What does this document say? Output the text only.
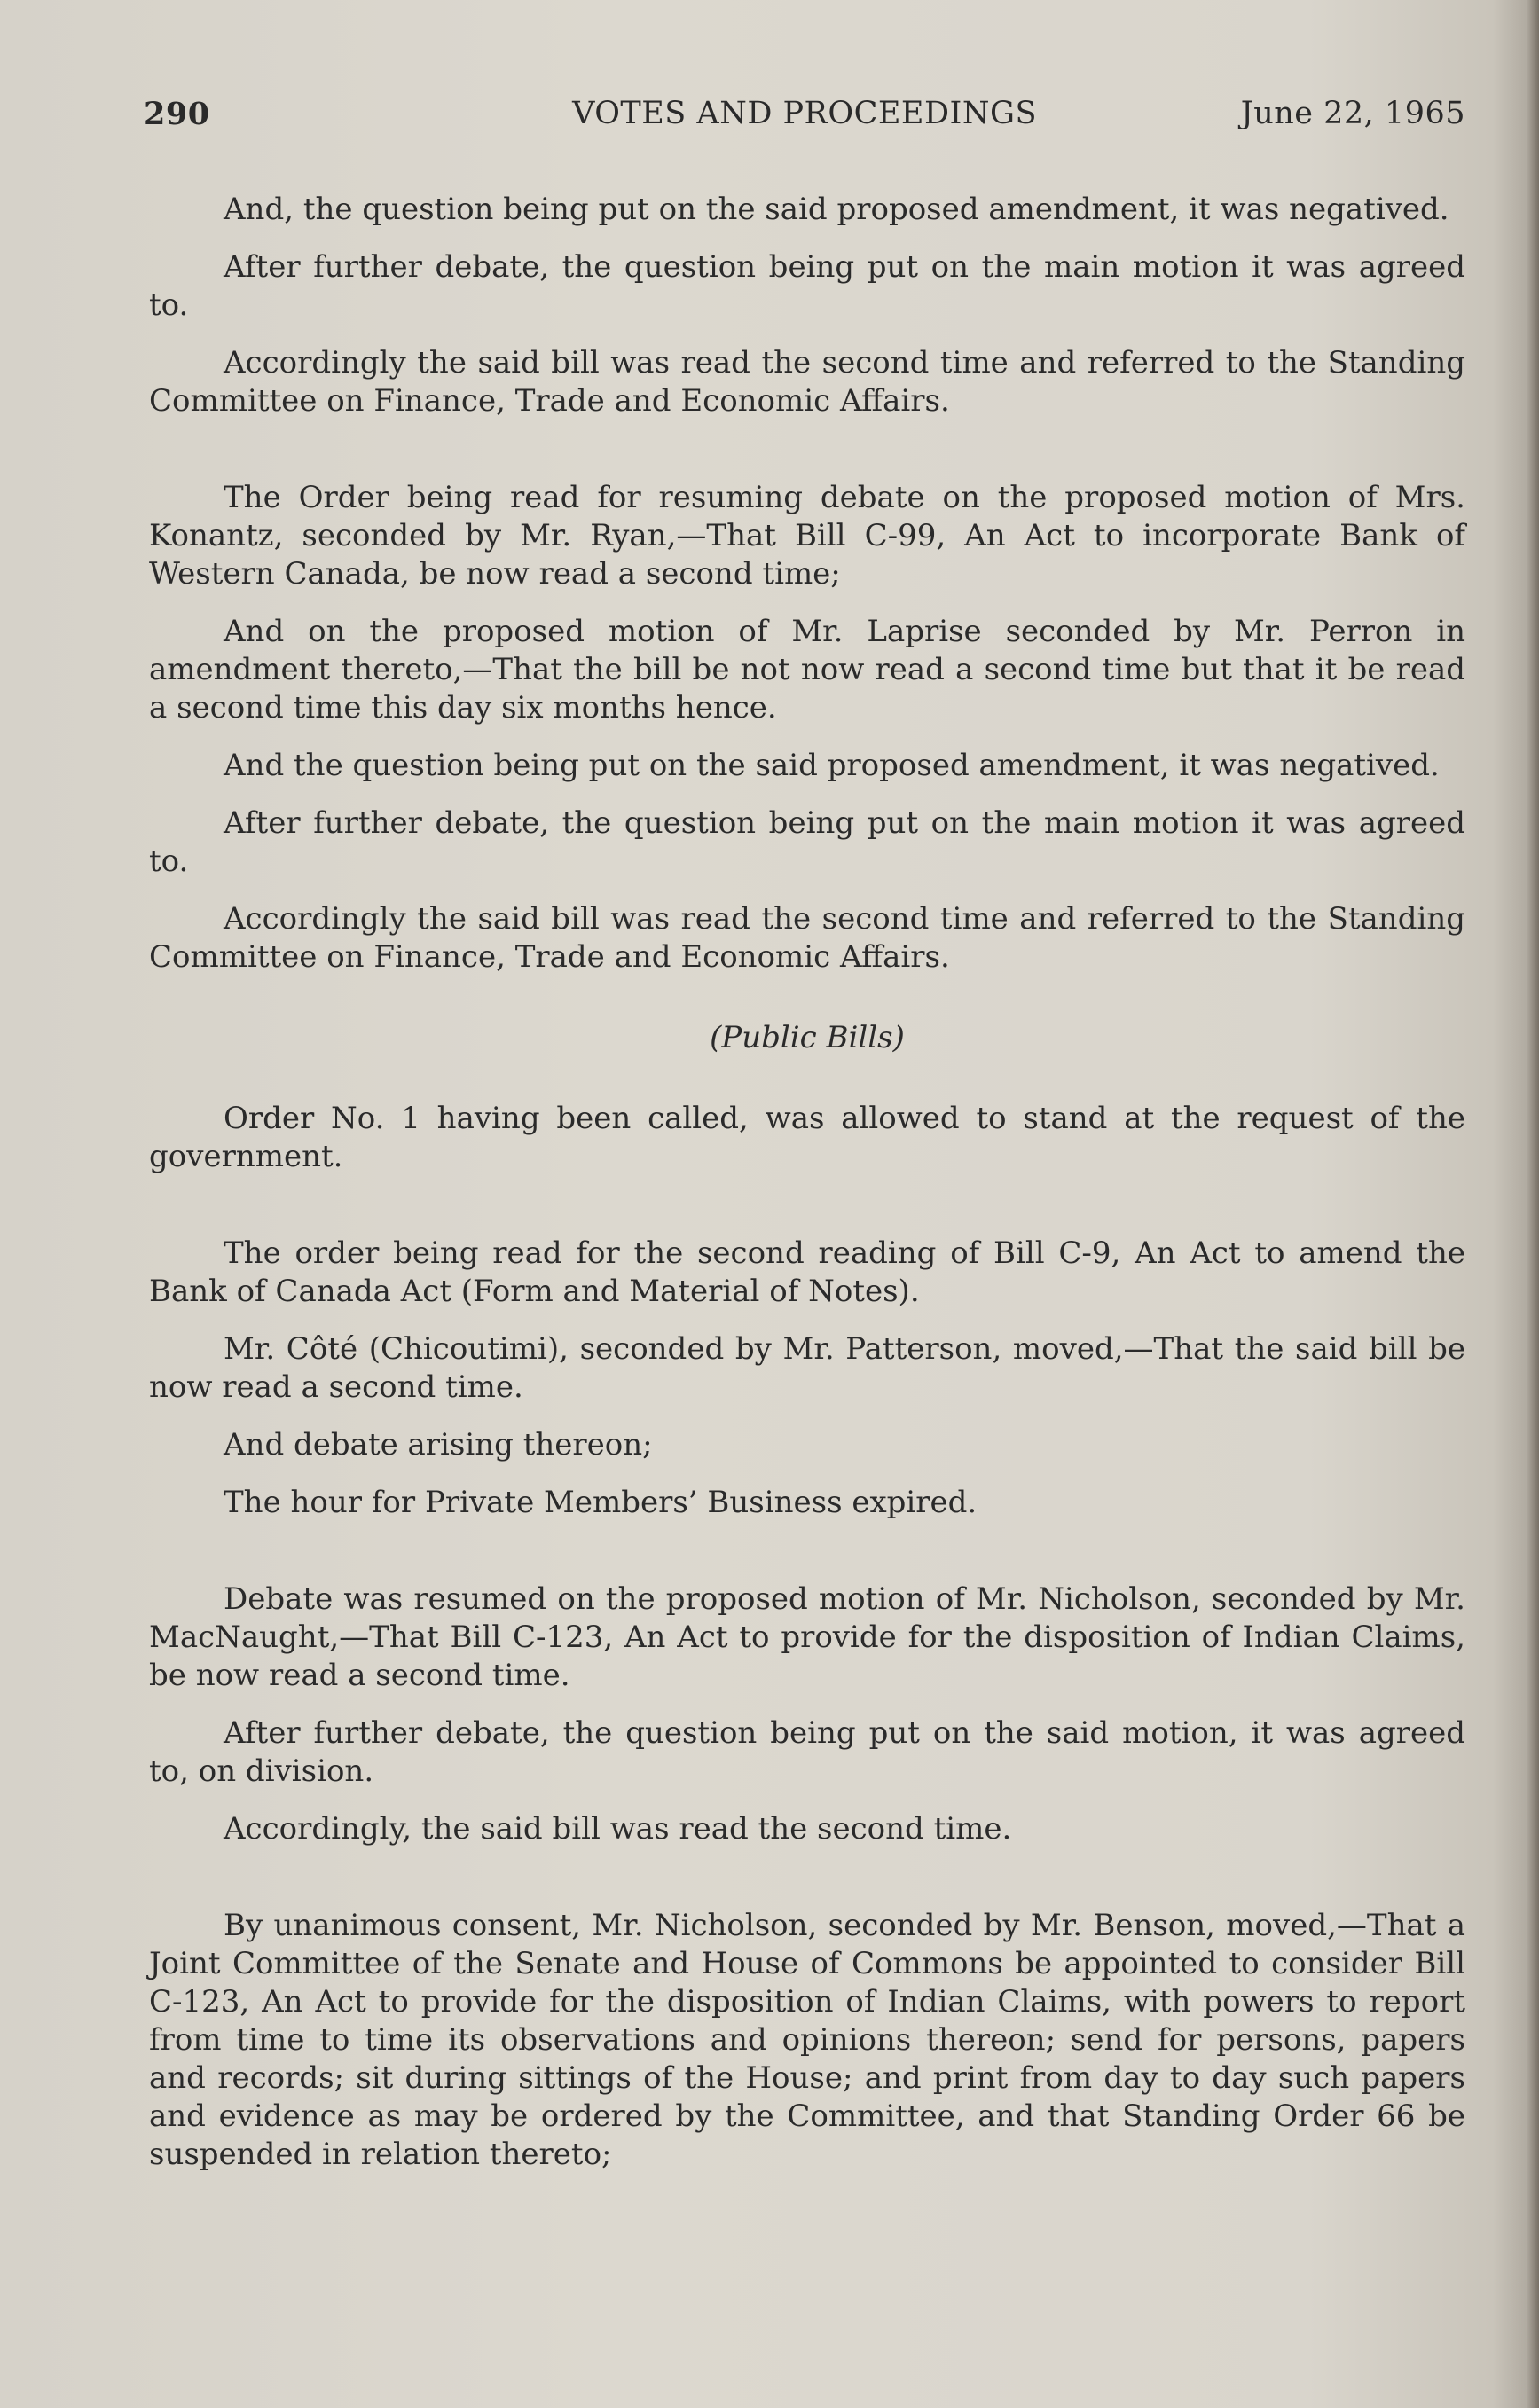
VOTES AND PROCEEDINGS
290	June 22, 1965

And, the question being put on the said proposed amendment, it was negatived.

After further debate, the question being put on the main motion it was agreed to.

Accordingly the said bill was read the second time and referred to the Standing Committee on Finance, Trade and Economic Affairs.

The Order being read for resuming debate on the proposed motion of Mrs. Konantz, seconded by Mr. Ryan,—That Bill C-99, An Act to incorporate Bank of Western Canada, be now read a second time;

And on the proposed motion of Mr. Laprise seconded by Mr. Perron in amendment thereto,—That the bill be not now read a second time but that it be read a second time this day six months hence.

And the question being put on the said proposed amendment, it was negatived.

After further debate, the question being put on the main motion it was agreed to.

Accordingly the said bill was read the second time and referred to the Standing Committee on Finance, Trade and Economic Affairs.

(Public Bills)

Order No. 1 having been called, was allowed to stand at the request of the government.

The order being read for the second reading of Bill C-9, An Act to amend the Bank of Canada Act (Form and Material of Notes).

Mr. Côté (Chicoutimi), seconded by Mr. Patterson, moved,—That the said bill be now read a second time.

And debate arising thereon;

The hour for Private Members’ Business expired.

Debate was resumed on the proposed motion of Mr. Nicholson, seconded by Mr. MacNaught,—That Bill C-123, An Act to provide for the disposition of Indian Claims, be now read a second time.

After further debate, the question being put on the said motion, it was agreed to, on division.

Accordingly, the said bill was read the second time.

By unanimous consent, Mr. Nicholson, seconded by Mr. Benson, moved,—That a Joint Committee of the Senate and House of Commons be appointed to consider Bill C-123, An Act to provide for the disposition of Indian Claims, with powers to report from time to time its observations and opinions thereon; send for persons, papers and records; sit during sittings of the House; and print from day to day such papers and evidence as may be ordered by the Committee, and that Standing Order 66 be suspended in relation thereto;
